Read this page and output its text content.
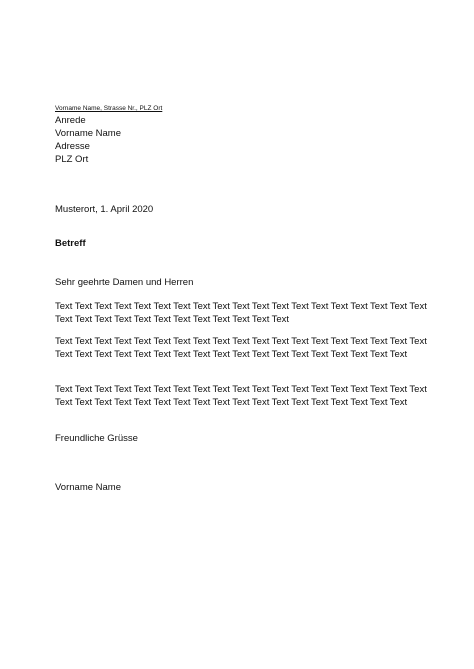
Vorname Name, Strasse Nr., PLZ Ort
Anrede
Vorname Name
Adresse
PLZ Ort
Musterort, 1. April 2020
Betreff
Sehr geehrte Damen und Herren
Text Text Text Text Text Text Text Text Text Text Text Text Text Text Text Text Text Text Text Text Text Text Text Text Text Text Text Text Text Text Text
Text Text Text Text Text Text Text Text Text Text Text Text Text Text Text Text Text Text Text Text Text Text Text Text Text Text Text Text Text Text Text Text Text Text Text Text Text
Text Text Text Text Text Text Text Text Text Text Text Text Text Text Text Text Text Text Text Text Text Text Text Text Text Text Text Text Text Text Text Text Text Text Text Text Text
Freundliche Grüsse
Vorname Name
